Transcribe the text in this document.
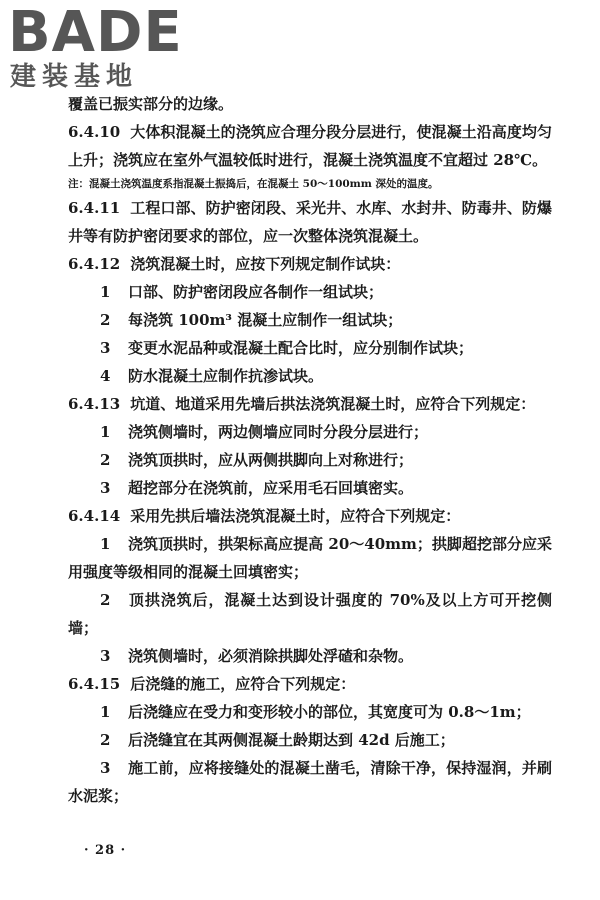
BADE
建装基地

覆盖已振实部分的边缘。

6.4.10 大体积混凝土的浇筑应合理分段分层进行，使混凝土沿高度均匀上升；浇筑应在室外气温较低时进行，混凝土浇筑温度不宜超过 28℃。

注：混凝土浇筑温度系指混凝土振捣后，在混凝土 50～100mm 深处的温度。

6.4.11 工程口部、防护密闭段、采光井、水库、水封井、防毒井、防爆井等有防护密闭要求的部位，应一次整体浇筑混凝土。

6.4.12 浇筑混凝土时，应按下列规定制作试块：

1 口部、防护密闭段应各制作一组试块；

2 每浇筑 100m³ 混凝土应制作一组试块；

3 变更水泥品种或混凝土配合比时，应分别制作试块；

4 防水混凝土应制作抗渗试块。

6.4.13 坑道、地道采用先墙后拱法浇筑混凝土时，应符合下列规定：

1 浇筑侧墙时，两边侧墙应同时分段分层进行；

2 浇筑顶拱时，应从两侧拱脚向上对称进行；

3 超挖部分在浇筑前，应采用毛石回填密实。

6.4.14 采用先拱后墙法浇筑混凝土时，应符合下列规定：

1 浇筑顶拱时，拱架标高应提高 20～40mm；拱脚超挖部分应采用强度等级相同的混凝土回填密实；

2 顶拱浇筑后，混凝土达到设计强度的 70%及以上方可开挖侧墙；

3 浇筑侧墙时，必须消除拱脚处浮碴和杂物。

6.4.15 后浇缝的施工，应符合下列规定：

1 后浇缝应在受力和变形较小的部位，其宽度可为 0.8～1m；

2 后浇缝宜在其两侧混凝土龄期达到 42d 后施工；

3 施工前，应将接缝处的混凝土凿毛，清除干净，保持湿润，并刷水泥浆；

· 28 ·
